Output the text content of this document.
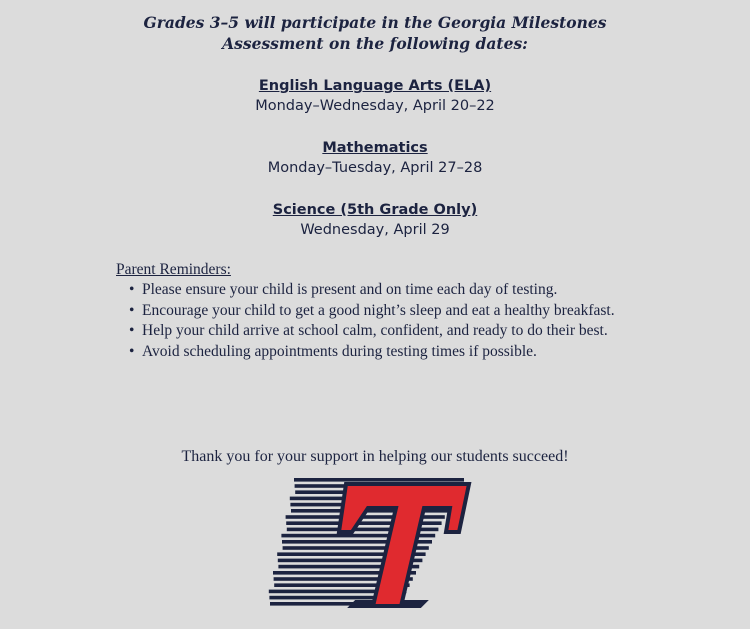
Grades 3–5 will participate in the Georgia Milestones Assessment on the following dates:
English Language Arts (ELA)
Monday–Wednesday, April 20–22
Mathematics
Monday–Tuesday, April 27–28
Science (5th Grade Only)
Wednesday, April 29
Parent Reminders:
• Please ensure your child is present and on time each day of testing.
• Encourage your child to get a good night’s sleep and eat a healthy breakfast.
• Help your child arrive at school calm, confident, and ready to do their best.
• Avoid scheduling appointments during testing times if possible.
Thank you for your support in helping our students succeed!
